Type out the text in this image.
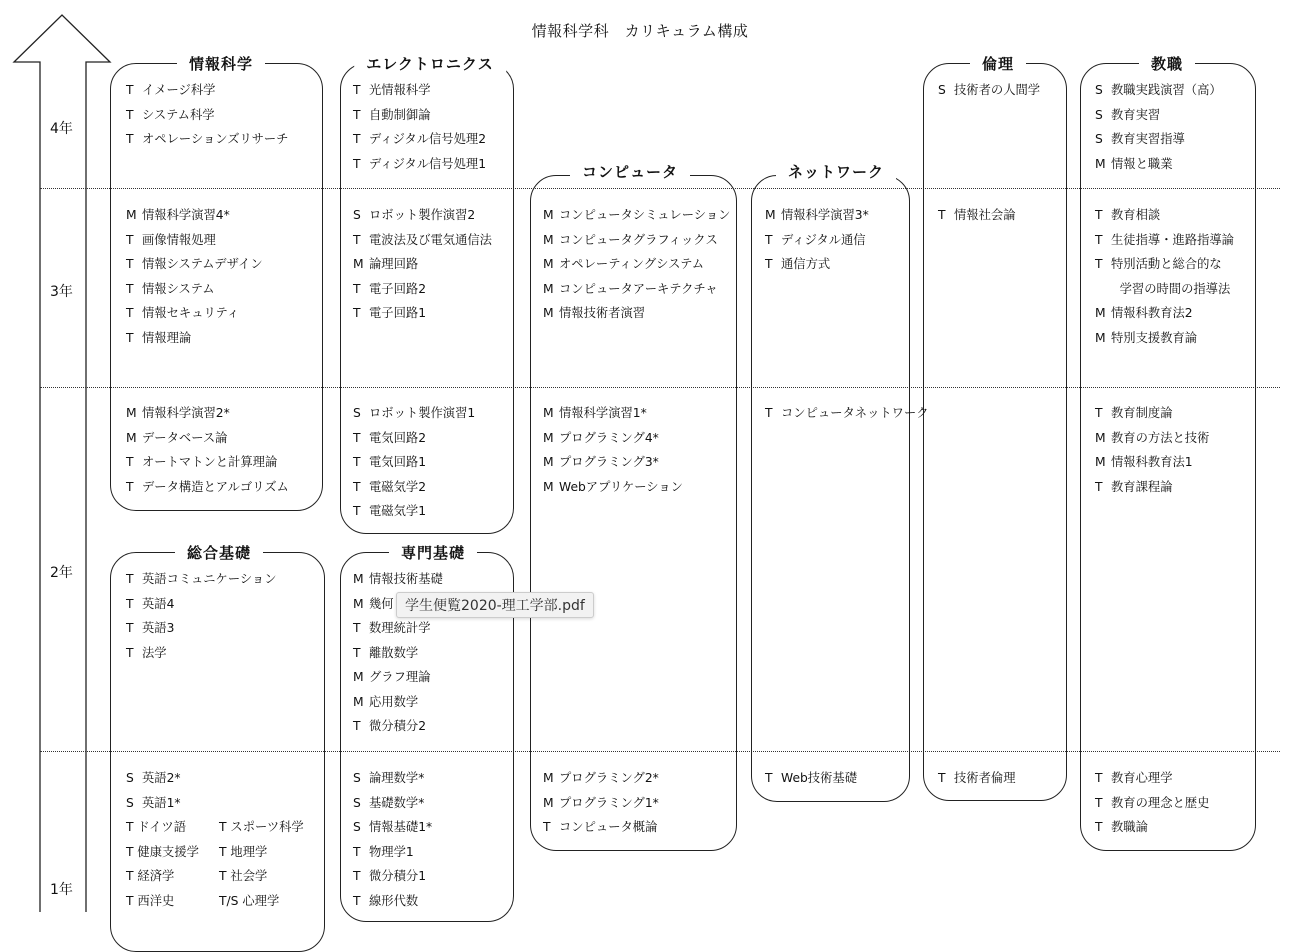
情報科学科　カリキュラム構成
4年
3年
2年
1年
情報科学	エレクトロニクス
コンピュータ	ネットワーク
倫理	教職
総合基礎	専門基礎
T イメージ科学
T システム科学
T オペレーションズリサーチ
M 情報科学演習4*
T 画像情報処理
T 情報システムデザイン
T 情報システム
T 情報セキュリティ
T 情報理論
M 情報科学演習2*
M データベース論
T オートマトンと計算理論
T データ構造とアルゴリズム
T 光情報科学
T 自動制御論
T ディジタル信号処理2
T ディジタル信号処理1
S ロボット製作演習2
T 電波法及び電気通信法
M 論理回路
T 電子回路2
T 電子回路1
S ロボット製作演習1
T 電気回路2
T 電気回路1
T 電磁気学2
T 電磁気学1
M コンピュータシミュレーション
M コンピュータグラフィックス
M オペレーティングシステム
M コンピュータアーキテクチャ
M 情報技術者演習
M 情報科学演習1*
M プログラミング4*
M プログラミング3*
M Webアプリケーション
M プログラミング2*
M プログラミング1*
T コンピュータ概論
M 情報科学演習3*
T ディジタル通信
T 通信方式
T コンピュータネットワーク
T Web技術基礎
S 技術者の人間学
T 情報社会論
T 技術者倫理
S 教職実践演習（高）
S 教育実習
S 教育実習指導
M 情報と職業
T 教育相談
T 生徒指導・進路指導論
T 特別活動と総合的な
　　学習の時間の指導法
M 情報科教育法2
M 特別支援教育論
T 教育制度論
M 教育の方法と技術
M 情報科教育法1
T 教育課程論
T 教育心理学
T 教育の理念と歴史
T 教職論
T 英語コミュニケーション
T 英語4
T 英語3
T 法学
S 英語2*
S 英語1*
T ドイツ語	T スポーツ科学
T 健康支援学 T 地理学
T 経済学	T 社会学
T 西洋史	T/S 心理学
M 情報技術基礎
M 幾何
T 数理統計学
T 離散数学
M グラフ理論
M 応用数学
T 微分積分2
S 論理数学*
S 基礎数学*
S 情報基礎1*
T 物理学1
T 微分積分1
T 線形代数
学生便覧2020-理工学部.pdf
